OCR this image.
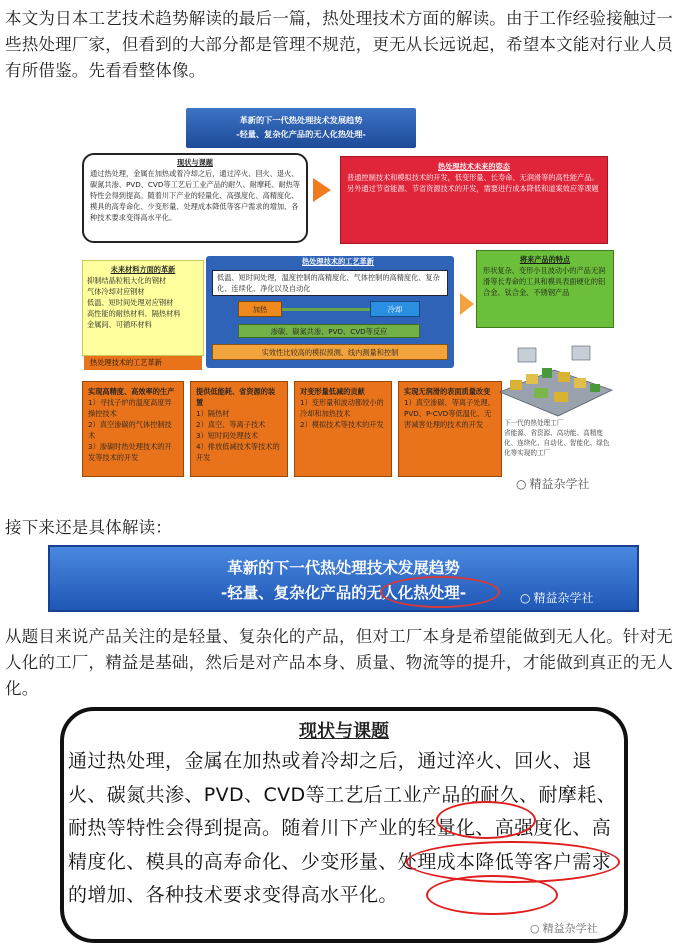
本文为日本工艺技术趋势解读的最后一篇，热处理技术方面的解读。由于工作经验接触过一些热处理厂家，但看到的大部分都是管理不规范，更无从长远说起，希望本文能对行业人员有所借鉴。先看看整体像。
革新的下一代热处理技术发展趋势
-轻量、复杂化产品的无人化热处理-
现状与课题
通过热处理，金属在加热或着冷却之后，通过淬火、回火、退火、碳氮共渗、PVD、CVD等工艺后工业产品的耐久、耐摩耗、耐热等特性会得到提高。随着川下产业的轻量化、高强度化、高精度化、模具的高寿命化、少变形量、处理成本降低等客户需求的增加、各种技术要求变得高水平化。
热处理技术未来的姿态
普通控制技术和模拟技术的开发，低变形量、长寿命、无润滑等的高性能产品。
另外通过节省能源、节省资源技术的开发，需要进行成本降低和道案效应等课题
未来材料方面的革新
抑制结晶粒粗大化的钢材
气体冷却对应钢材
低温、短时间处理对应钢材
高性能的耐热材料、隔热材料
金属间、可循环材料
热处理技术的工艺革新
低温、短时间处理，温度控制的高精度化、气体控制的高精度化、复杂化、连续化、净化以及自动化
加热	冷却
渗碳、碳氮共渗、PVD、CVD等反应
实效性比较高的模拟预测、线内测量和控制
将来产品的特点
形状复杂、变形小且波动小的产品无润滑等长寿命的工具和模具表面硬化的铝合金、钛合金、不锈钢产品
热处理技术的工艺革新
实现高精度、高效率的生产
1）寻找子炉的温度高度异操控技术
2）真空渗碳的气体控制技术
3）渗碳时热处理技术的开发等技术的开发
提供低能耗、省资源的装置
1）隔热材
2）真空、等离子技术
3）短时间处理技术
4）排放低减技术等技术的开发
对变形量低减的贡献
1）变形量和波动都较小的冷却和加热技术
2）模拟技术等技术的开发
实现无润滑的表面质量改变
1）真空渗碳、等离子处理、PVD、P-CVD等低温化、无害减害处理的技术的开发	下一代的热处理工厂
省能源、省资源、高功能、高精度化、连续化、自动化、智能化、绿色化等实现的工厂
○ 精益杂学社
接下来还是具体解读：
革新的下一代热处理技术发展趋势
-轻量、复杂化产品的无人化热处理-	○ 精益杂学社
从题目来说产品关注的是轻量、复杂化的产品，但对工厂本身是希望能做到无人化。针对无人化的工厂，精益是基础，然后是对产品本身、质量、物流等的提升，才能做到真正的无人化。
现状与课题
通过热处理，金属在加热或着冷却之后，通过淬火、回火、退火、碳氮共渗、PVD、CVD等工艺后工业产品的耐久、耐摩耗、耐热等特性会得到提高。随着川下产业的轻量化、高强度化、高精度化、模具的高寿命化、少变形量、处理成本降低等客户需求的增加、各种技术要求变得高水平化。
○ 精益杂学社
